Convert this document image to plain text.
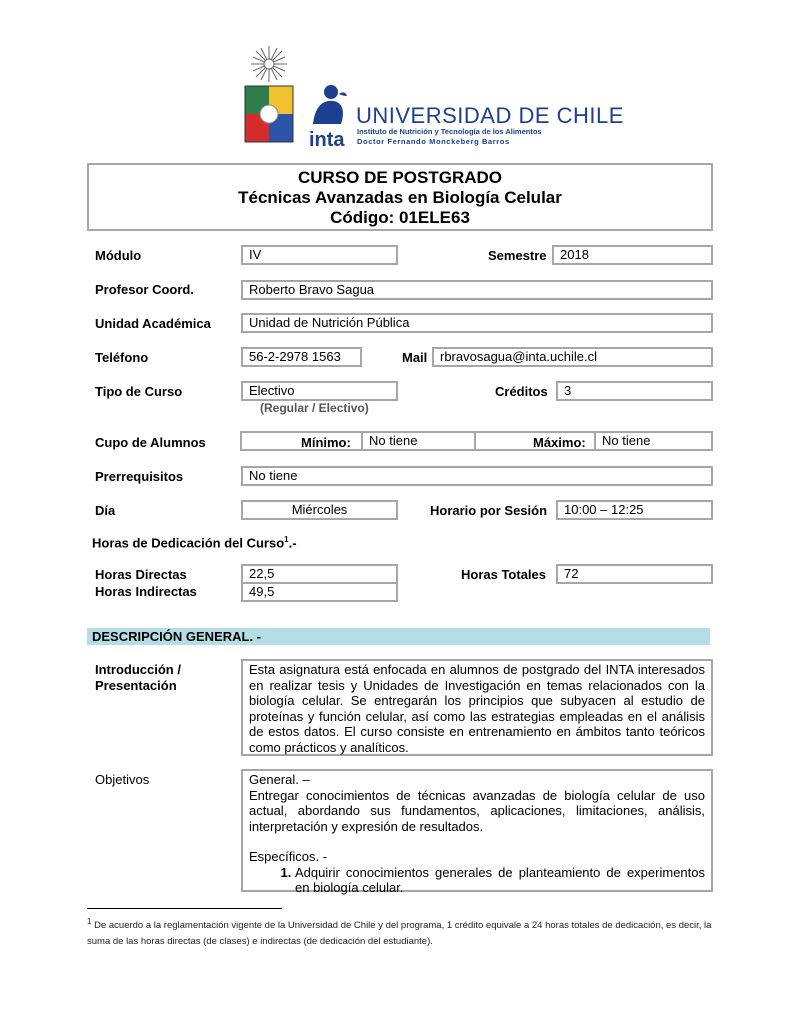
inta
UNIVERSIDAD DE CHILE
Instituto de Nutrición y Tecnología de los Alimentos
Doctor Fernando Monckeberg Barros
CURSO DE POSTGRADO
Técnicas Avanzadas en Biología Celular
Código: 01ELE63
Módulo	IV	Semestre	2018
Profesor Coord.	Roberto Bravo Sagua
Unidad Académica	Unidad de Nutrición Pública
Teléfono	56-2-2978 1563	Mail rbravosagua@inta.uchile.cl
Tipo de Curso	Electivo
(Regular / Electivo)
Créditos	3
Cupo de Alumnos	Mínimo:	No tiene	Máximo:	No tiene
Prerrequisitos	No tiene
Día	Miércoles	Horario por Sesión	10:00 – 12:25
Horas de Dedicación del Curso$^1$.-
Horas Directas	22,5
Horas Indirectas	49,5
Horas Totales	72
DESCRIPCIÓN GENERAL. -
Introducción /
Presentación

Esta asignatura está enfocada en alumnos de postgrado del INTA interesados en realizar tesis y Unidades de Investigación en temas relacionados con la biología celular. Se entregarán los principios que subyacen al estudio de proteínas y función celular, así como las estrategias empleadas en el análisis de estos datos. El curso consiste en entrenamiento en ámbitos tanto teóricos como prácticos y analíticos.

Objetivos	General. –

Entregar conocimientos de técnicas avanzadas de biología celular de uso actual, abordando sus fundamentos, aplicaciones, limitaciones, análisis, interpretación y expresión de resultados.

Específicos. -

1. Adquirir conocimientos generales de planteamiento de experimentos en biología celular.
$^1$ De acuerdo a la reglamentación vigente de la Universidad de Chile y del programa, 1 crédito equivale a 24 horas totales de dedicación, es decir, la suma de las horas directas (de clases) e indirectas (de dedicación del estudiante).
